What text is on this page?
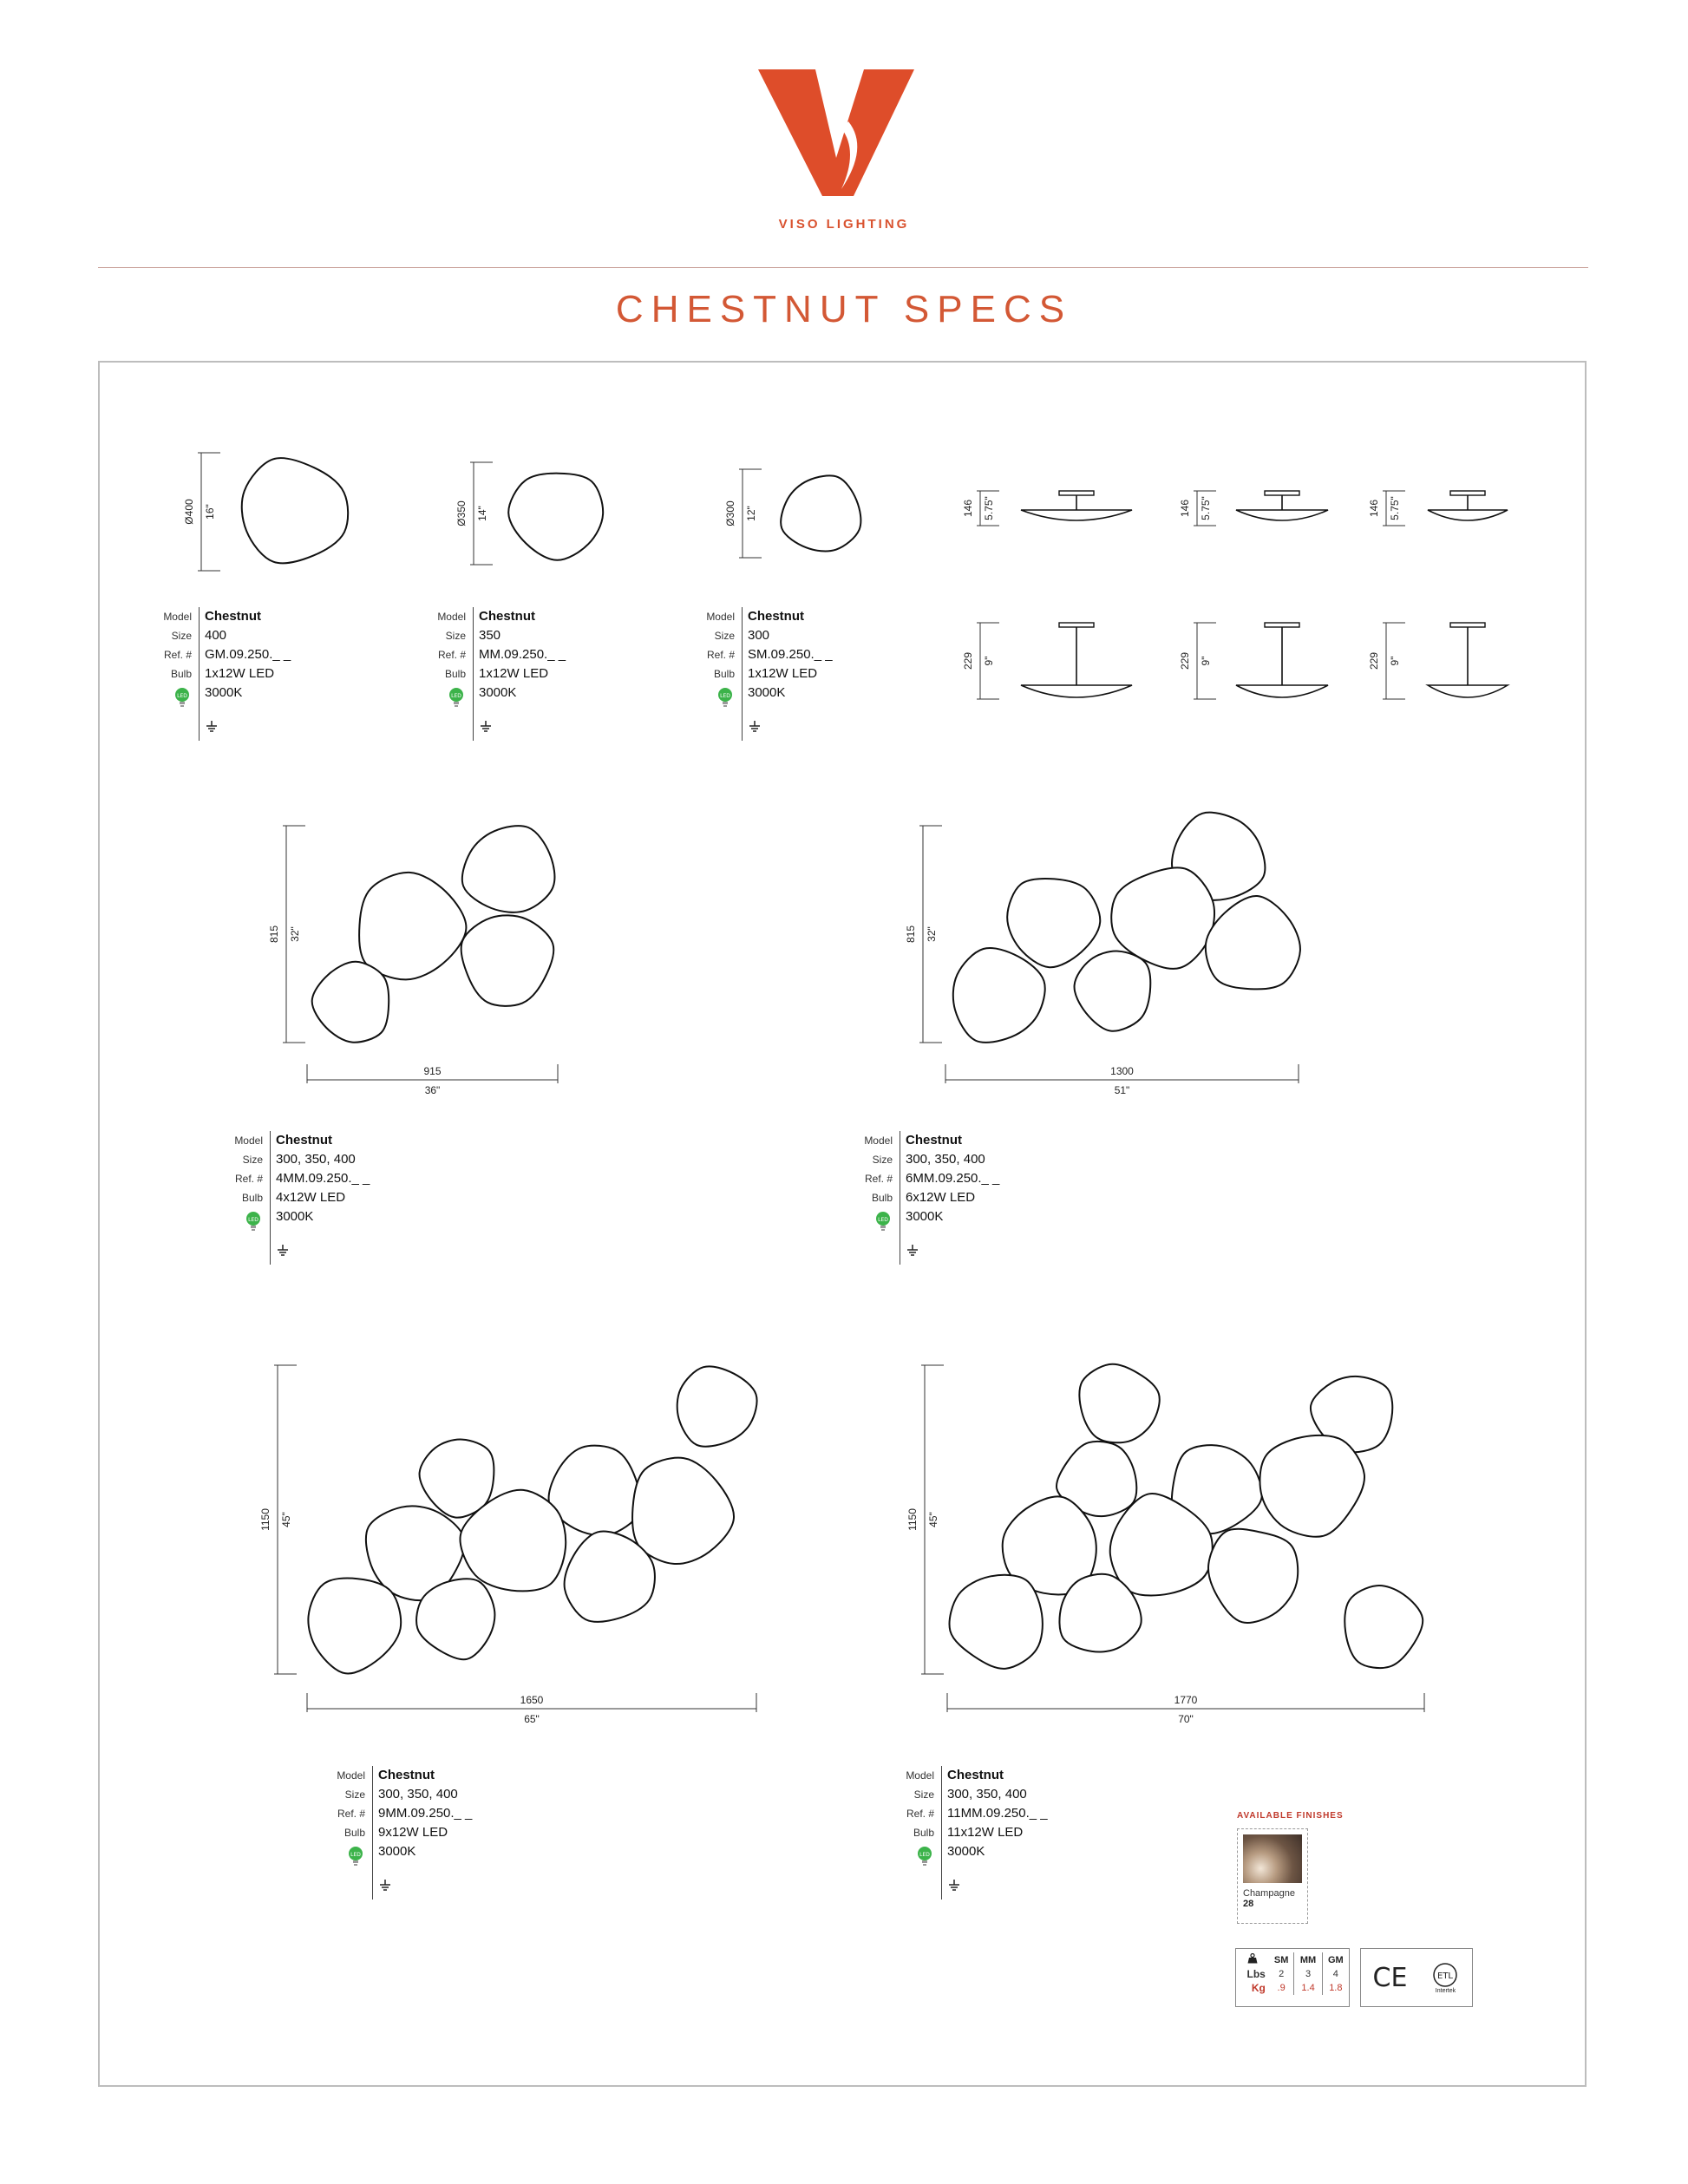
VISO LIGHTING
CHESTNUT SPECS
Ø400 16"	Ø350 14"	Ø300 12"	146 5.75"
229 9"
146 5.75"
229 9"
146 5.75"
229 9"
815 32"
915
36"
815 32"
1300
51"
1150 45"
1650
65"
1150 45"
1770
70"
Model	Chestnut
Size	400
Ref. #	GM.09.250._ _
Bulb	1x12W LED
LED	3000K
Model	Chestnut
Size	350
Ref. #	MM.09.250._ _
Bulb	1x12W LED
LED	3000K
Model	Chestnut
Size	300
Ref. #	SM.09.250._ _
Bulb	1x12W LED
LED	3000K
Model	Chestnut
Size	300, 350, 400
Ref. #	4MM.09.250._ _
Bulb	4x12W LED
LED	3000K
Model	Chestnut
Size	300, 350, 400
Ref. #	6MM.09.250._ _
Bulb	6x12W LED
LED	3000K
Model	Chestnut
Size	300, 350, 400
Ref. #	9MM.09.250._ _
Bulb	9x12W LED
LED	3000K
Model	Chestnut
Size	300, 350, 400
Ref. #	11MM.09.250._ _
Bulb	11x12W LED
LED	3000K
AVAILABLE FINISHES
Champagne
28
	SM	MM	GM
Lbs	2	3	4
Kg	.9	1.4	1.8 CE	ETL
Intertek
